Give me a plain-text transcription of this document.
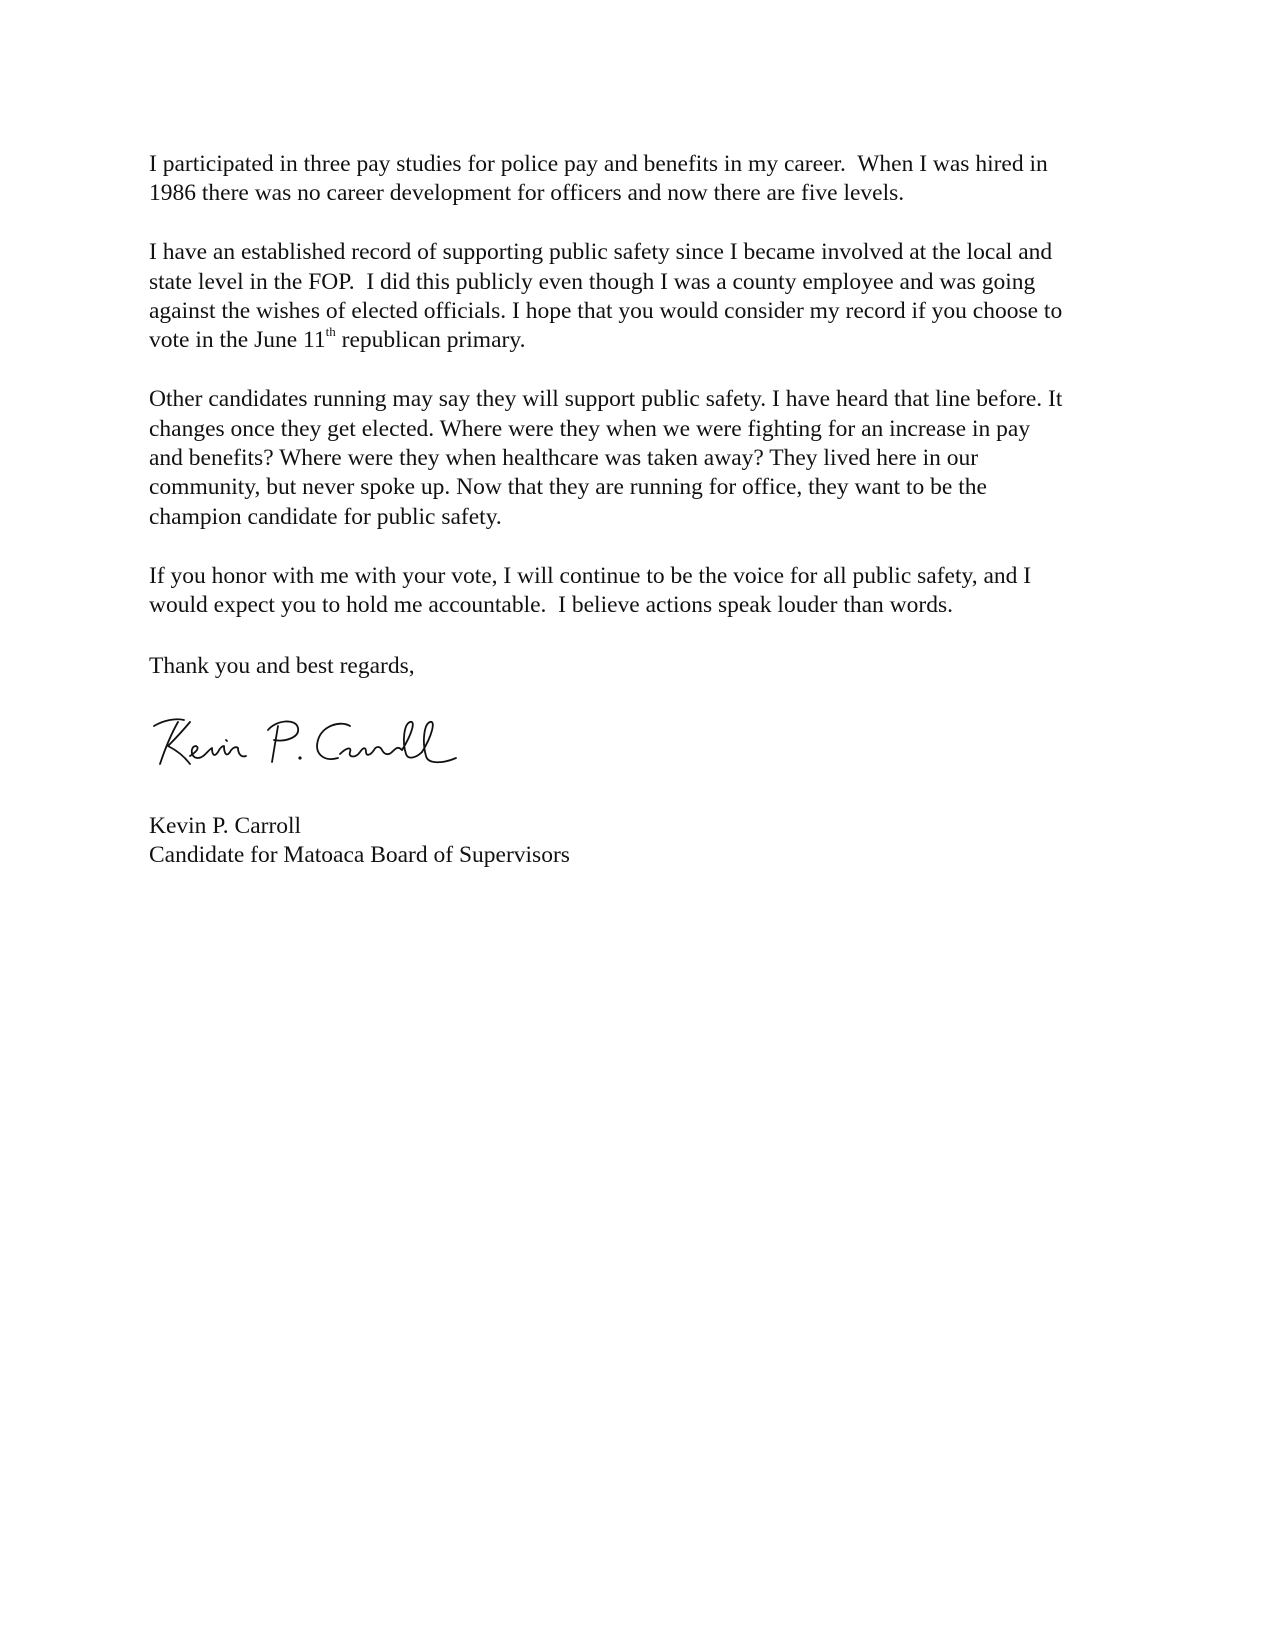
I participated in three pay studies for police pay and benefits in my career.  When I was hired in
1986 there was no career development for officers and now there are five levels.

I have an established record of supporting public safety since I became involved at the local and
state level in the FOP.  I did this publicly even though I was a county employee and was going
against the wishes of elected officials. I hope that you would consider my record if you choose to
vote in the June 11th republican primary.

Other candidates running may say they will support public safety. I have heard that line before. It
changes once they get elected. Where were they when we were fighting for an increase in pay
and benefits? Where were they when healthcare was taken away? They lived here in our
community, but never spoke up. Now that they are running for office, they want to be the
champion candidate for public safety.

If you honor with me with your vote, I will continue to be the voice for all public safety, and I
would expect you to hold me accountable.  I believe actions speak louder than words.

Thank you and best regards,
Kevin P. Carroll
Candidate for Matoaca Board of Supervisors
